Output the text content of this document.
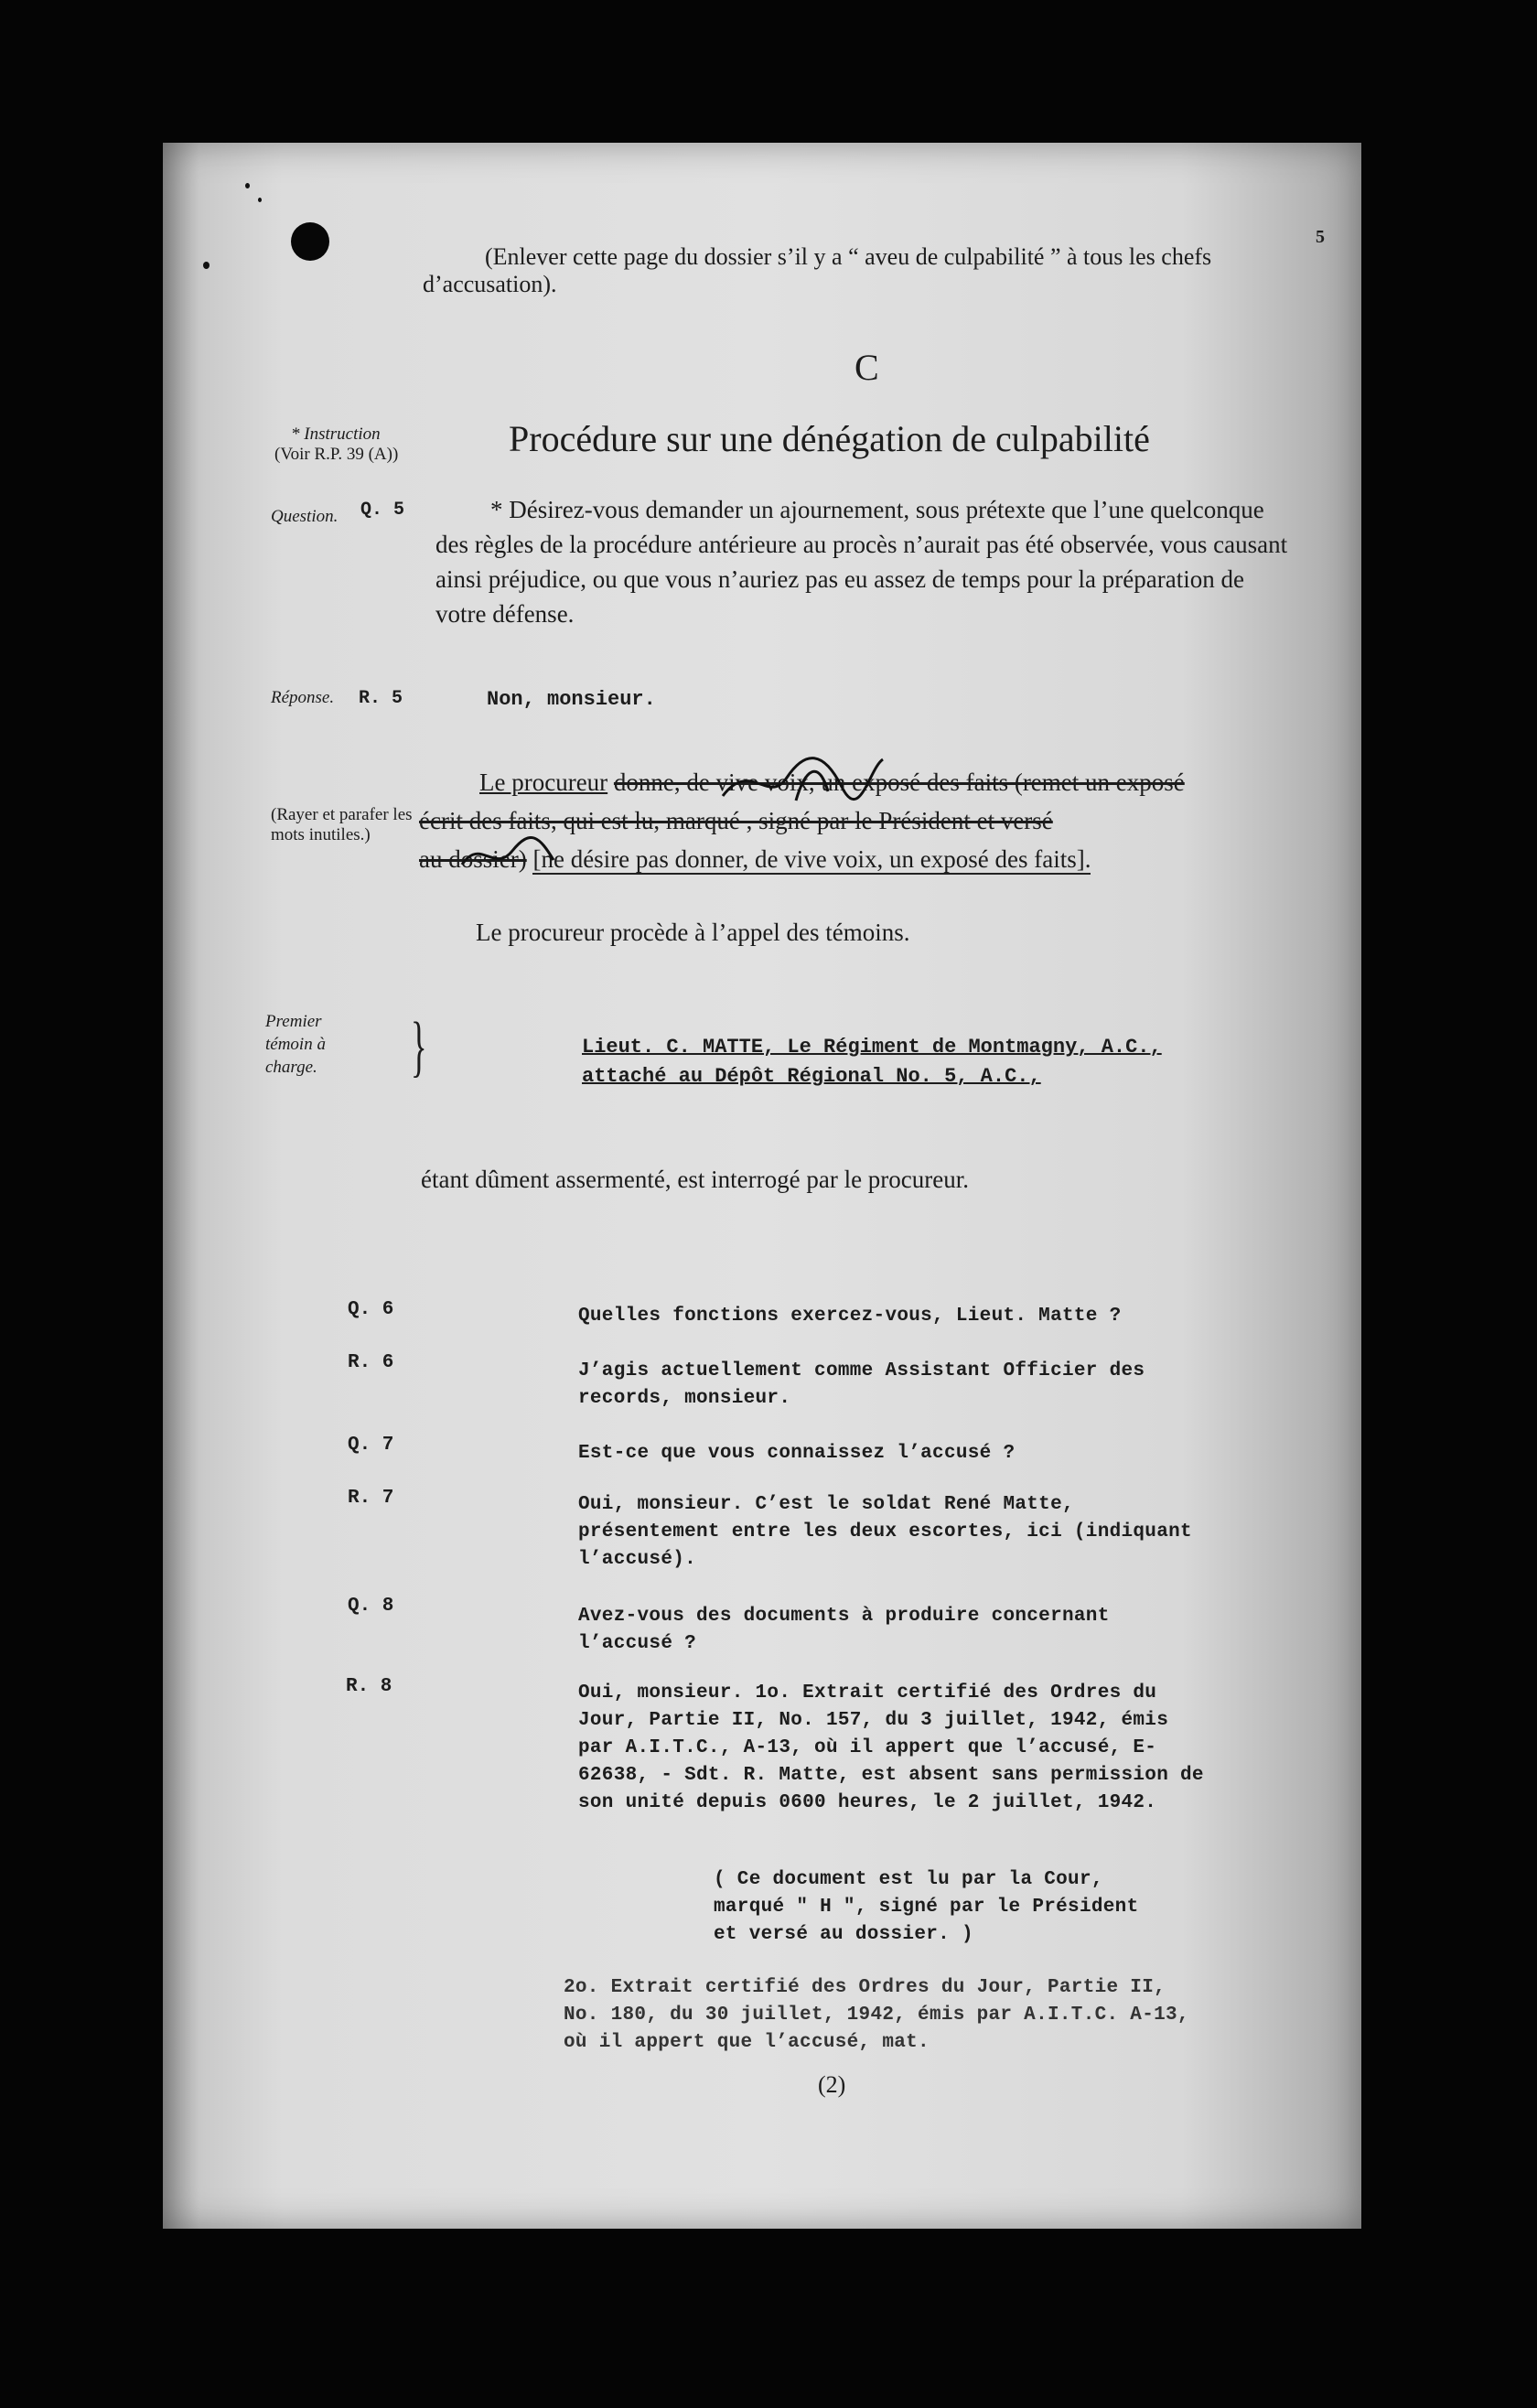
(Enlever cette page du dossier s’il y a “ aveu de culpabilité ” à tous les chefs d’accusation).
5
C
Procédure sur une dénégation de culpabilité
* Instruction
(Voir R.P. 39 (A))
Question. Q. 5	* Désirez-vous demander un ajournement, sous prétexte que l’une quelconque des règles de la procédure antérieure au procès n’aurait pas été observée, vous causant ainsi préjudice, ou que vous n’auriez pas eu assez de temps pour la préparation de votre défense.
Réponse. R. 5	Non, monsieur.
Le procureur donne, de vive voix, un exposé des faits (remet un exposé
écrit des faits, qui est lu, marqué , signé par le Président et versé
au dossier) [ne désire pas donner, de vive voix, un exposé des faits].
(Rayer et parafer les mots inutiles.)
Le procureur procède à l’appel des témoins.
Premier témoin à charge.	}	Lieut. C. MATTE, Le Régiment de Montmagny, A.C.,
attaché au Dépôt Régional No. 5, A.C.,
étant dûment assermenté, est interrogé par le procureur.
Q. 6	Quelles fonctions exercez-vous, Lieut. Matte ?
R. 6	J’agis actuellement comme Assistant Officier des records, monsieur.
Q. 7	Est-ce que vous connaissez l’accusé ?
R. 7	Oui, monsieur. C’est le soldat René Matte, présentement entre les deux escortes, ici (indiquant l’accusé).
Q. 8	Avez-vous des documents à produire concernant l’accusé ?
R. 8	Oui, monsieur. 1o. Extrait certifié des Ordres du Jour, Partie II, No. 157, du 3 juillet, 1942, émis par A.I.T.C., A-13, où il appert que l’accusé, E-62638, - Sdt. R. Matte, est absent sans permission de son unité depuis 0600 heures, le 2 juillet, 1942.
( Ce document est lu par la Cour, marqué " H ", signé par le Président et versé au dossier. )
2o. Extrait certifié des Ordres du Jour, Partie II, No. 180, du 30 juillet, 1942, émis par A.I.T.C. A-13, où il appert que l’accusé, mat.
(2)
